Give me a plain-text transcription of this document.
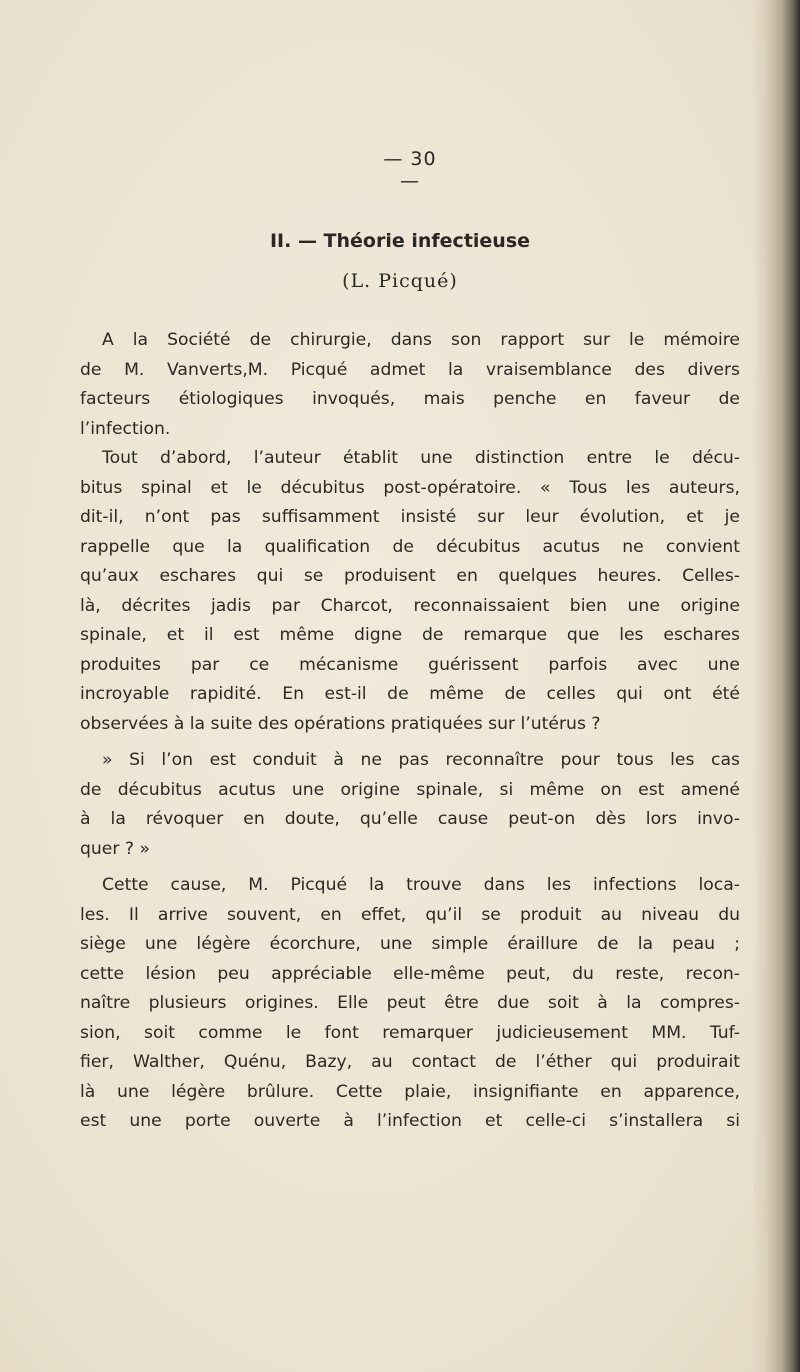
— 30 —
II. — Théorie infectieuse
(L. Picqué)
A la Société de chirurgie, dans son rapport sur le mémoire
de M. Vanverts,M. Picqué admet la vraisemblance des divers
facteurs étiologiques invoqués, mais penche en faveur de
l’infection.
Tout d’abord, l’auteur établit une distinction entre le décu-
bitus spinal et le décubitus post-opératoire. « Tous les auteurs,
dit-il, n’ont pas suffisamment insisté sur leur évolution, et je
rappelle que la qualification de décubitus acutus ne convient
qu’aux eschares qui se produisent en quelques heures. Celles-
là, décrites jadis par Charcot, reconnaissaient bien une origine
spinale, et il est même digne de remarque que les eschares
produites par ce mécanisme guérissent parfois avec une
incroyable rapidité. En est-il de même de celles qui ont été
observées à la suite des opérations pratiquées sur l’utérus ?
» Si l’on est conduit à ne pas reconnaître pour tous les cas
de décubitus acutus une origine spinale, si même on est amené
à la révoquer en doute, qu’elle cause peut-on dès lors invo-
quer ? »
Cette cause, M. Picqué la trouve dans les infections loca-
les. Il arrive souvent, en effet, qu’il se produit au niveau du
siège une légère écorchure, une simple éraillure de la peau ;
cette lésion peu appréciable elle-même peut, du reste, recon-
naître plusieurs origines. Elle peut être due soit à la compres-
sion, soit comme le font remarquer judicieusement MM. Tuf-
fier, Walther, Quénu, Bazy, au contact de l’éther qui produirait
là une légère brûlure. Cette plaie, insignifiante en apparence,
est une porte ouverte à l’infection et celle-ci s’installera si
